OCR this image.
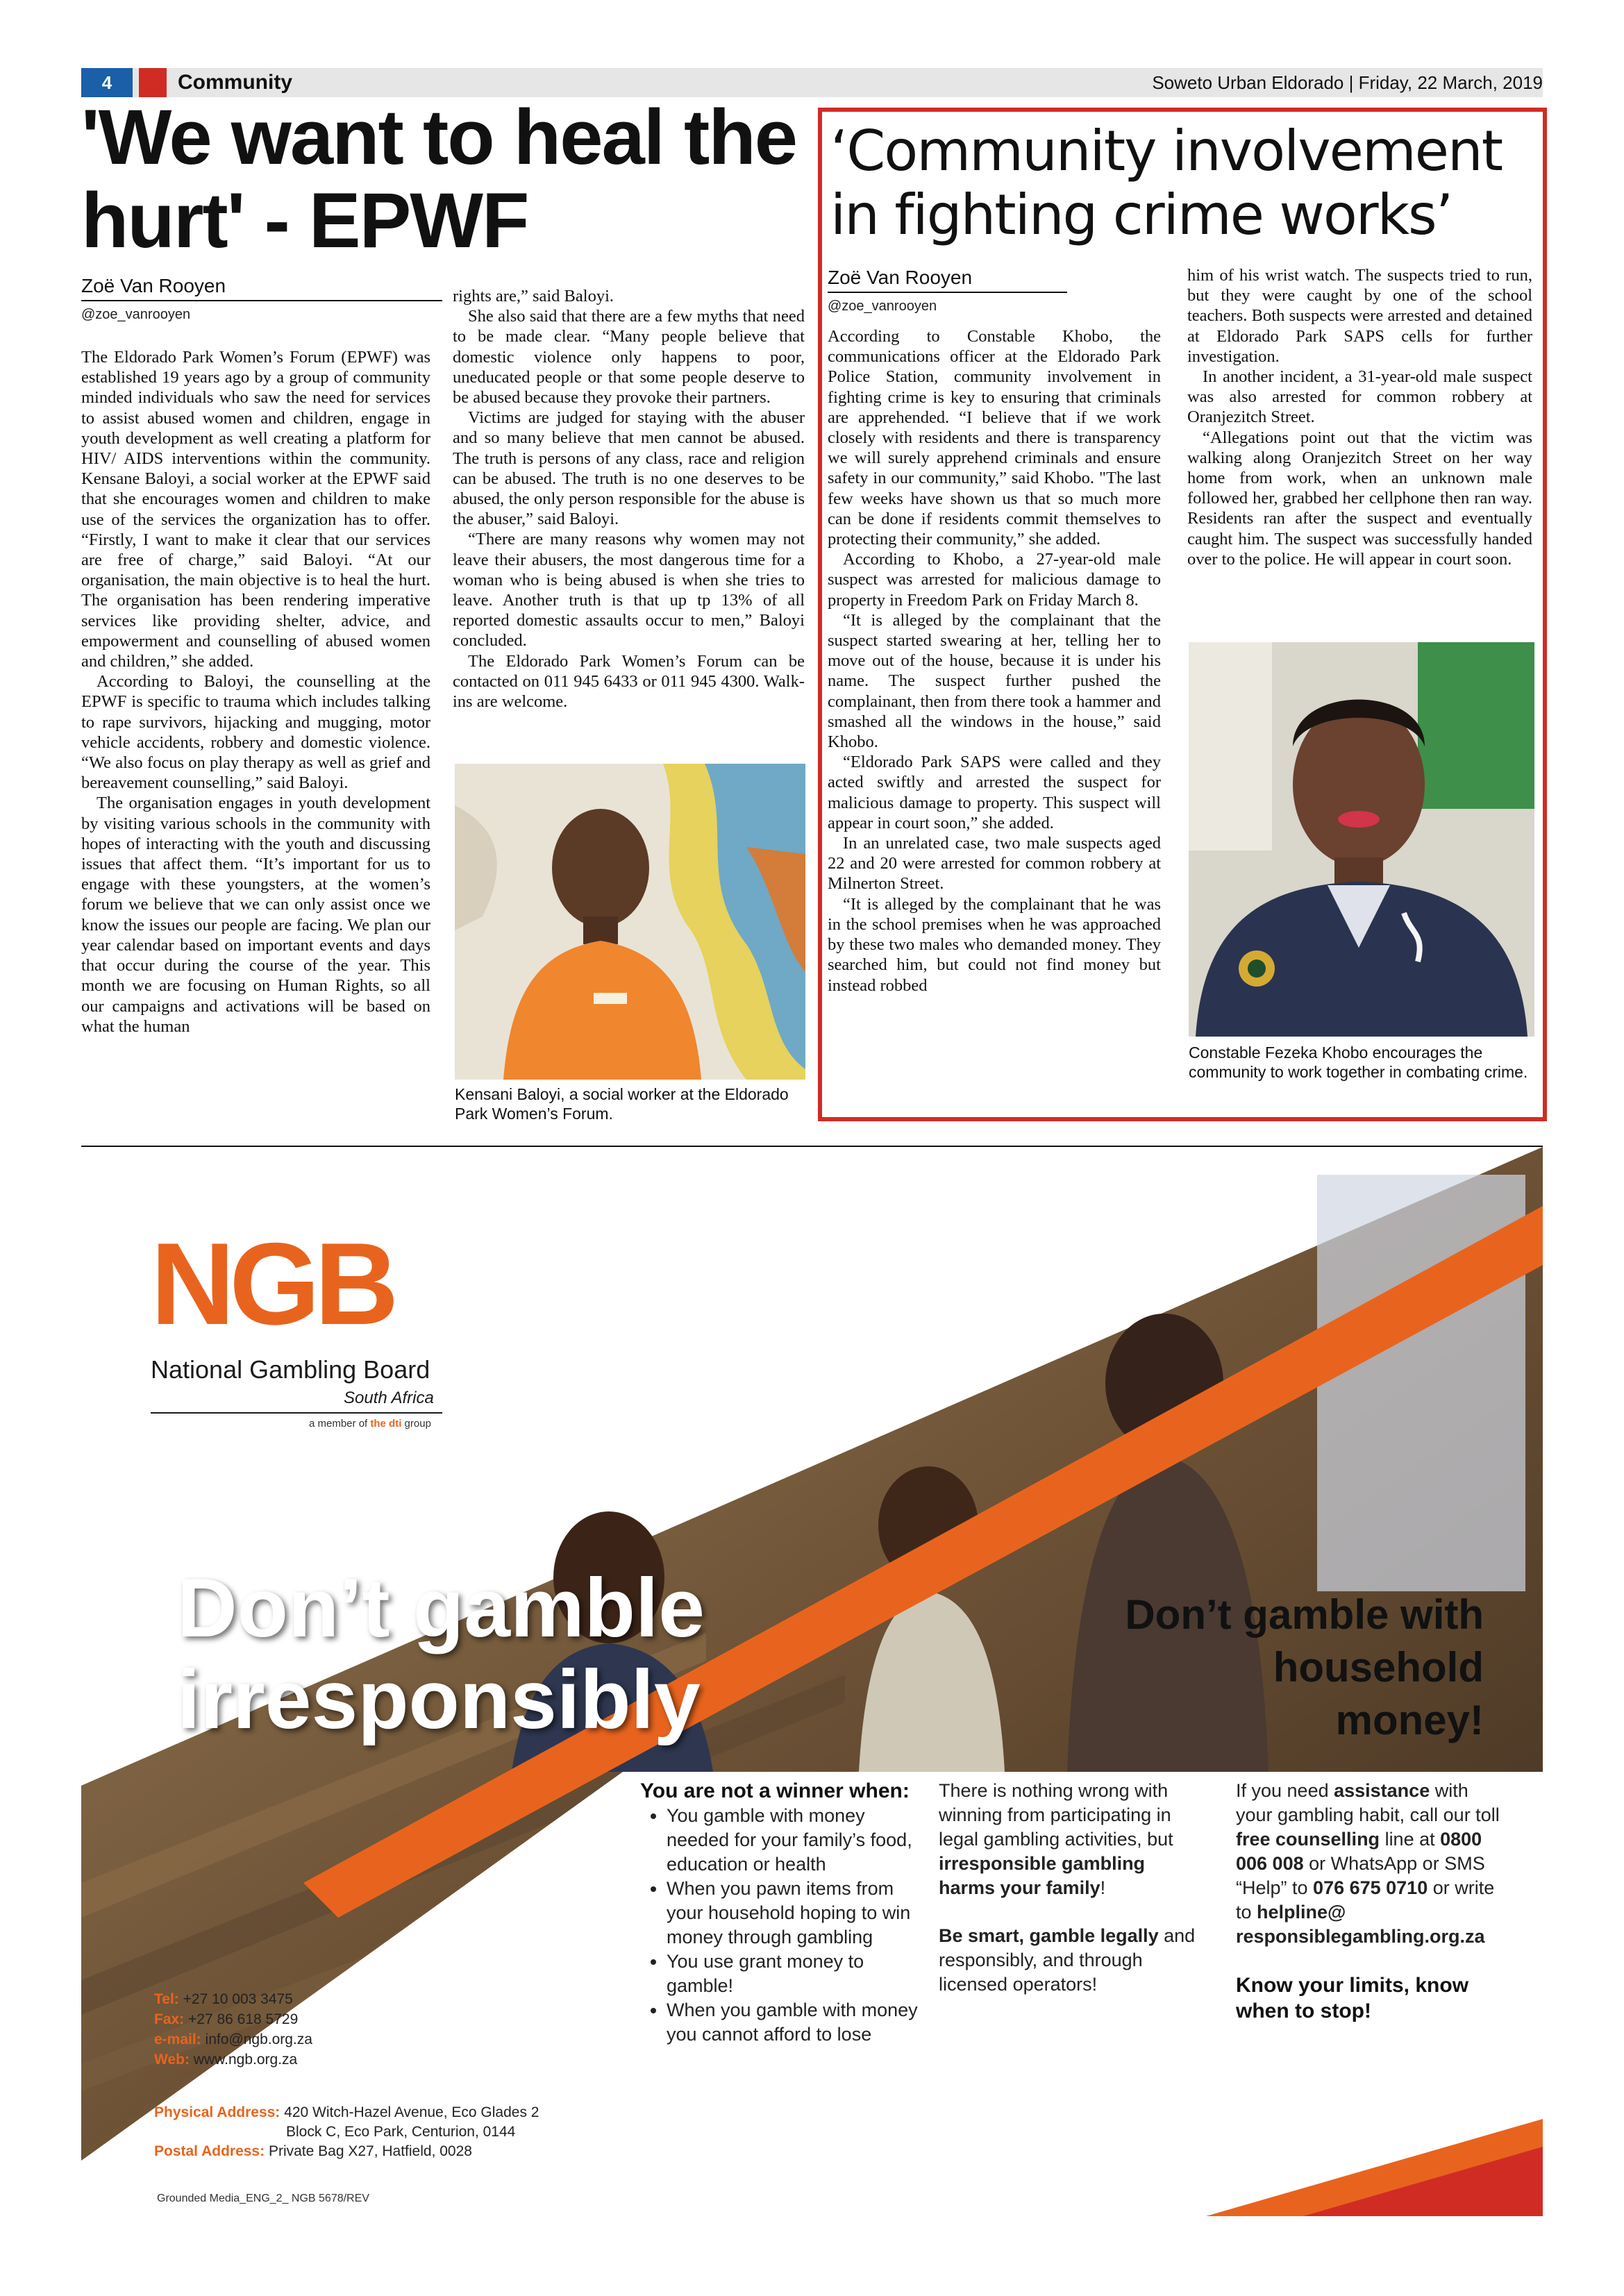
4	Community	Soweto Urban Eldorado | Friday, 22 March, 2019
'We want to heal the hurt' - EPWF
Zoë Van Rooyen
@zoe_vanrooyen

The Eldorado Park Women’s Forum (EPWF) was established 19 years ago by a group of community minded individuals who saw the need for services to assist abused women and children, engage in youth development as well creating a platform for HIV/ AIDS interventions within the community. Kensane Baloyi, a social worker at the EPWF said that she encourages women and children to make use of the services the organization has to offer. “Firstly, I want to make it clear that our services are free of charge,” said Baloyi. “At our organisation, the main objective is to heal the hurt. The organisation has been rendering imperative services like providing shelter, advice, and empowerment and counselling of abused women and children,” she added.

According to Baloyi, the counselling at the EPWF is specific to trauma which includes talking to rape survivors, hijacking and mugging, motor vehicle accidents, robbery and domestic violence. “We also focus on play therapy as well as grief and bereavement counselling,” said Baloyi.

The organisation engages in youth development by visiting various schools in the community with hopes of interacting with the youth and discussing issues that affect them. “It’s important for us to engage with these youngsters, at the women’s forum we believe that we can only assist once we know the issues our people are facing. We plan our year calendar based on important events and days that occur during the course of the year. This month we are focusing on Human Rights, so all our campaigns and activations will be based on what the human

rights are,” said Baloyi.

She also said that there are a few myths that need to be made clear. “Many people believe that domestic violence only happens to poor, uneducated people or that some people deserve to be abused because they provoke their partners.

Victims are judged for staying with the abuser and so many believe that men cannot be abused. The truth is persons of any class, race and religion can be abused. The truth is no one deserves to be abused, the only person responsible for the abuse is the abuser,” said Baloyi.

“There are many reasons why women may not leave their abusers, the most dangerous time for a woman who is being abused is when she tries to leave. Another truth is that up tp 13% of all reported domestic assaults occur to men,” Baloyi concluded.

The Eldorado Park Women’s Forum can be contacted on 011 945 6433 or 011 945 4300. Walk-ins are welcome.

Kensani Baloyi, a social worker at the Eldorado Park Women’s Forum.
‘Community involvement in fighting crime works’
Zoë Van Rooyen
@zoe_vanrooyen

According to Constable Khobo, the communications officer at the Eldorado Park Police Station, community involvement in fighting crime is key to ensuring that criminals are apprehended. “I believe that if we work closely with residents and there is transparency we will surely apprehend criminals and ensure safety in our community,” said Khobo. "The last few weeks have shown us that so much more can be done if residents commit themselves to protecting their community,” she added.

According to Khobo, a 27-year-old male suspect was arrested for malicious damage to property in Freedom Park on Friday March 8.

“It is alleged by the complainant that the suspect started swearing at her, telling her to move out of the house, because it is under his name. The suspect further pushed the complainant, then from there took a hammer and smashed all the windows in the house,” said Khobo.

“Eldorado Park SAPS were called and they acted swiftly and arrested the suspect for malicious damage to property. This suspect will appear in court soon,” she added.

In an unrelated case, two male suspects aged 22 and 20 were arrested for common robbery at Milnerton Street.

“It is alleged by the complainant that he was in the school premises when he was approached by these two males who demanded money. They searched him, but could not find money but instead robbed

him of his wrist watch. The suspects tried to run, but they were caught by one of the school teachers. Both suspects were arrested and detained at Eldorado Park SAPS cells for further investigation.

In another incident, a 31-year-old male suspect was also arrested for common robbery at Oranjezitch Street.

“Allegations point out that the victim was walking along Oranjezitch Street on her way home from work, when an unknown male followed her, grabbed her cellphone then ran way. Residents ran after the suspect and eventually caught him. The suspect was successfully handed over to the police. He will appear in court soon.

Constable Fezeka Khobo encourages the community to work together in combating crime.
NGB
National Gambling Board
South Africa
a member of the dti group
Don’t gamble irresponsibly
Don’t gamble with household money!
You are not a winner when:
• You gamble with money needed for your family’s food, education or health
• When you pawn items from your household hoping to win money through gambling
• You use grant money to gamble!
• When you gamble with money you cannot afford to lose
There is nothing wrong with winning from participating in legal gambling activities, but irresponsible gambling harms your family!
Be smart, gamble legally and responsibly, and through licensed operators!
If you need assistance with your gambling habit, call our toll free counselling line at 0800 006 008 or WhatsApp or SMS “Help” to 076 675 0710 or write to helpline@ responsiblegambling.org.za
Know your limits, know when to stop!
Tel: +27 10 003 3475
Fax: +27 86 618 5729
e-mail: info@ngb.org.za
Web: www.ngb.org.za
Physical Address: 420 Witch-Hazel Avenue, Eco Glades 2
Block C, Eco Park, Centurion, 0144
Postal Address: Private Bag X27, Hatfield, 0028
Grounded Media_ENG_2_ NGB 5678/REV
